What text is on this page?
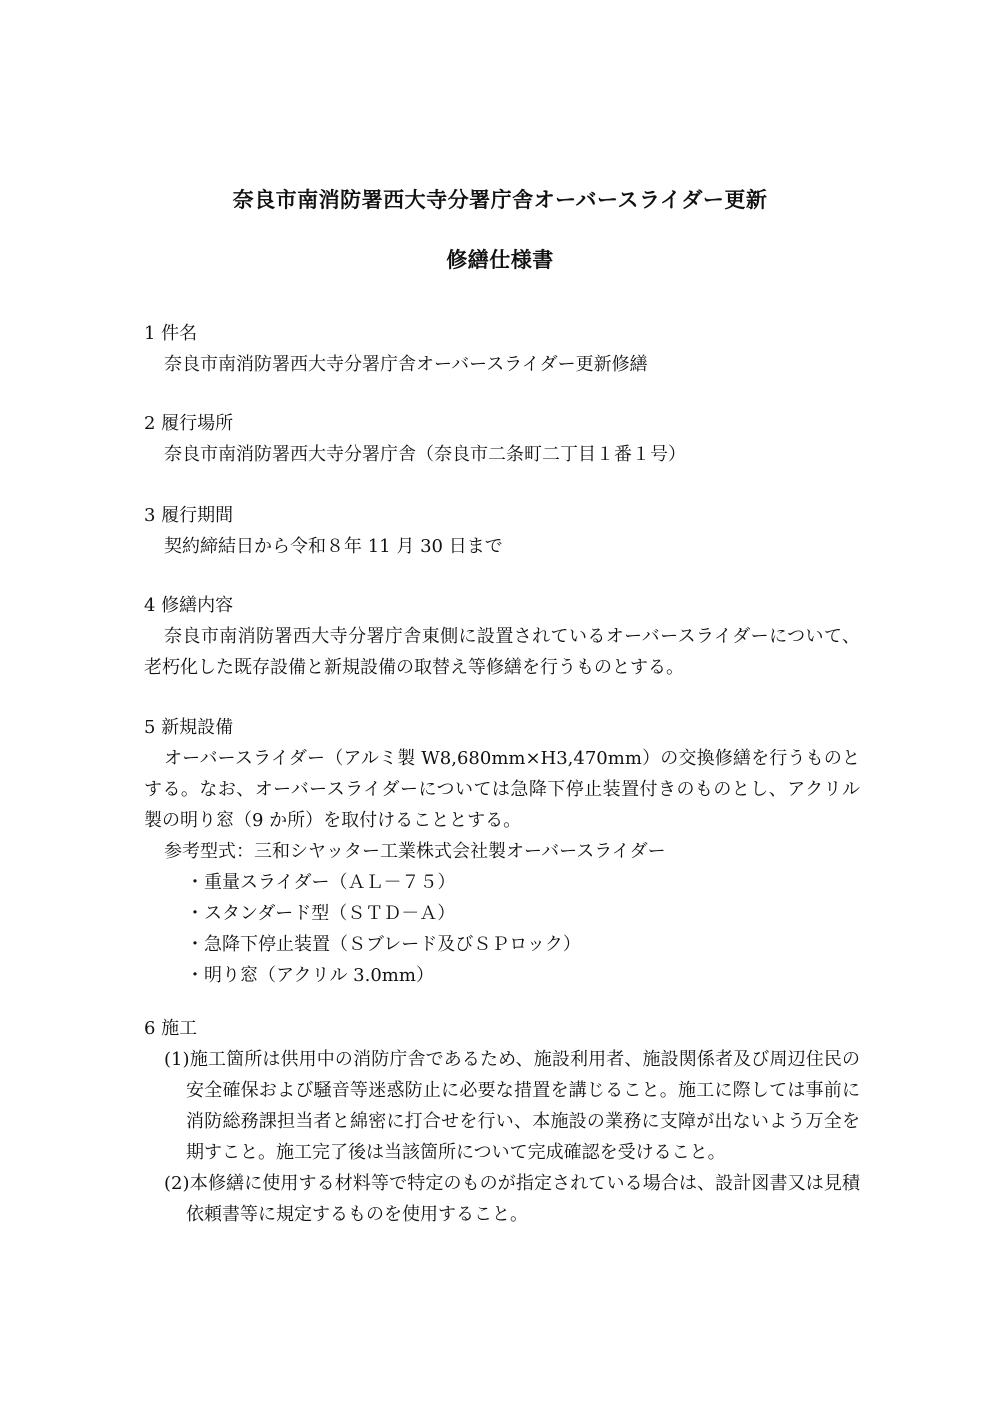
奈良市南消防署西大寺分署庁舎オーバースライダー更新
修繕仕様書
1 件名
奈良市南消防署西大寺分署庁舎オーバースライダー更新修繕
2 履行場所
奈良市南消防署西大寺分署庁舎（奈良市二条町二丁目１番１号）
3 履行期間
契約締結日から令和８年 11 月 30 日まで
4 修繕内容
奈良市南消防署西大寺分署庁舎東側に設置されているオーバースライダーについて、老朽化した既存設備と新規設備の取替え等修繕を行うものとする。
5 新規設備
オーバースライダー（アルミ製 W8,680mm×H3,470mm）の交換修繕を行うものとする。なお、オーバースライダーについては急降下停止装置付きのものとし、アクリル製の明り窓（9 か所）を取付けることとする。
参考型式：三和シヤッター工業株式会社製オーバースライダー
・重量スライダー（ＡＬ－７５）
・スタンダード型（ＳＴＤ－Ａ）
・急降下停止装置（Ｓブレード及びＳＰロック）
・明り窓（アクリル 3.0mm）
6 施工
(1) 施工箇所は供用中の消防庁舎であるため、施設利用者、施設関係者及び周辺住民の安全確保および騒音等迷惑防止に必要な措置を講じること。施工に際しては事前に消防総務課担当者と綿密に打合せを行い、本施設の業務に支障が出ないよう万全を期すこと。施工完了後は当該箇所について完成確認を受けること。
(2) 本修繕に使用する材料等で特定のものが指定されている場合は、設計図書又は見積依頼書等に規定するものを使用すること。
